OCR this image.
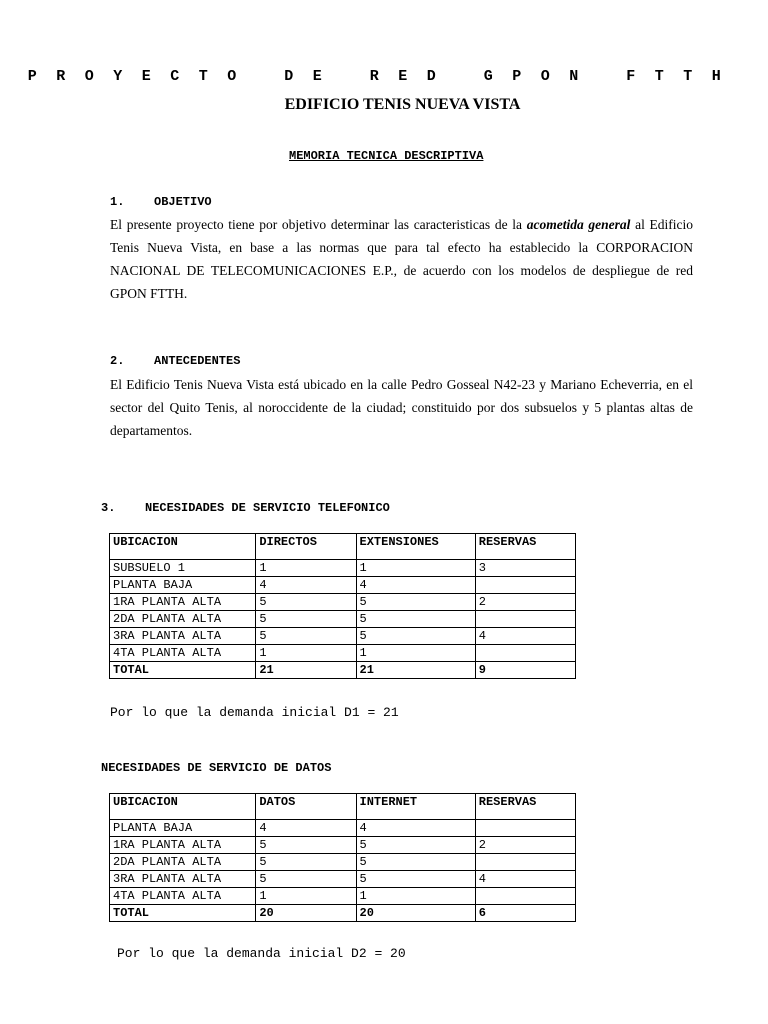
PROYECTO DE RED GPON FTTH
EDIFICIO TENIS NUEVA VISTA
MEMORIA TECNICA DESCRIPTIVA
1. OBJETIVO

El presente proyecto tiene por objetivo determinar las caracteristicas de la acometida general al Edificio Tenis Nueva Vista, en base a las normas que para tal efecto ha establecido la CORPORACION NACIONAL DE TELECOMUNICACIONES E.P., de acuerdo con los modelos de despliegue de red GPON FTTH.

2. ANTECEDENTES

El Edificio Tenis Nueva Vista está ubicado en la calle Pedro Gosseal N42-23 y Mariano Echeverria, en el sector del Quito Tenis, al noroccidente de la ciudad; constituido por dos subsuelos y 5 plantas altas de departamentos.

3. NECESIDADES DE SERVICIO TELEFONICO
UBICACION	DIRECTOS	EXTENSIONES	RESERVAS
SUBSUELO 1	1	1	3
PLANTA BAJA	4	4	
1RA PLANTA ALTA	5	5	2
2DA PLANTA ALTA	5	5	
3RA PLANTA ALTA	5	5	4
4TA PLANTA ALTA	1	1	
TOTAL	21	21	9
Por lo que la demanda inicial D1 = 21
NECESIDADES DE SERVICIO DE DATOS
UBICACION	DATOS	INTERNET	RESERVAS
PLANTA BAJA	4	4	
1RA PLANTA ALTA	5	5	2
2DA PLANTA ALTA	5	5	
3RA PLANTA ALTA	5	5	4
4TA PLANTA ALTA	1	1	
TOTAL	20	20	6
Por lo que la demanda inicial D2 = 20
